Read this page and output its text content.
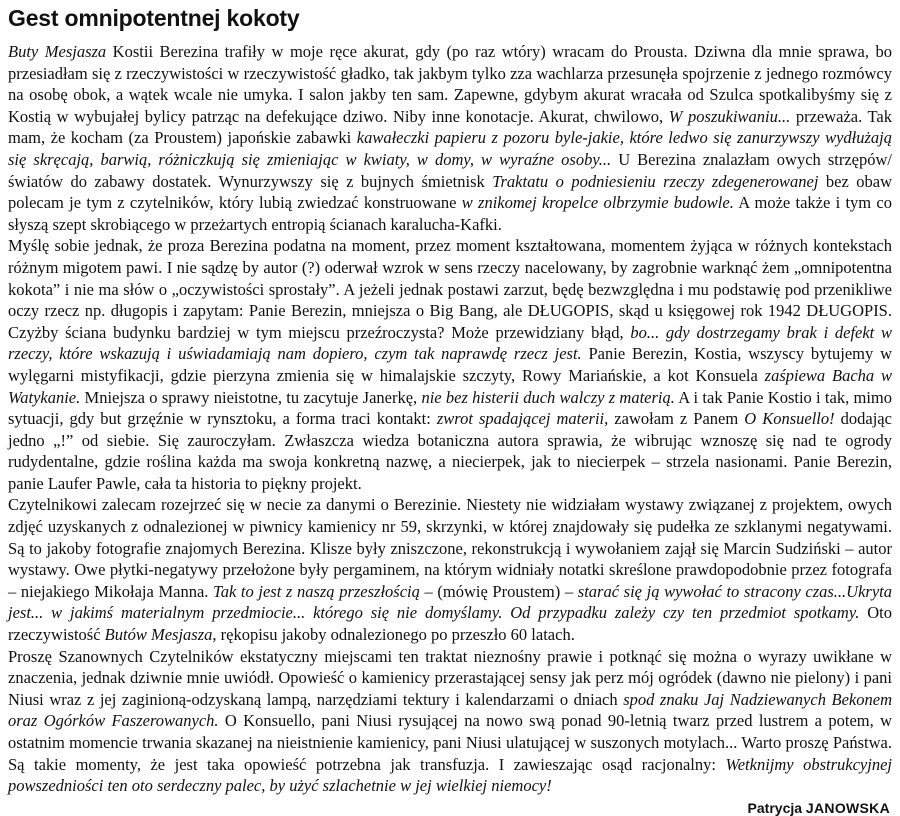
Gest omnipotentnej kokoty

Buty Mesjasza Kostii Berezina trafiły w moje ręce akurat, gdy (po raz wtóry) wracam do Prousta. Dziwna dla mnie sprawa, bo przesiadłam się z rzeczywistości w rzeczywistość gładko, tak jakbym tylko zza wachlarza przesunęła spojrzenie z jednego rozmówcy na osobę obok, a wątek wcale nie umyka. I salon jakby ten sam. Zapewne, gdybym akurat wracała od Szulca spotkalibyśmy się z Kostią w wybujałej bylicy patrząc na defekujące dziwo. Niby inne konotacje. Akurat, chwilowo, W poszukiwaniu... przeważa. Tak mam, że kocham (za Proustem) japońskie zabawki kawałeczki papieru z pozoru byle-jakie, które ledwo się zanurzywszy wydłużają się skręcają, barwią, różniczkują się zmieniając w kwiaty, w domy, w wyraźne osoby... U Berezina znalazłam owych strzępów/światów do zabawy dostatek. Wynurzywszy się z bujnych śmietnisk Traktatu o podniesieniu rzeczy zdegenerowanej bez obaw polecam je tym z czytelników, który lubią zwiedzać konstruowane w znikomej kropelce olbrzymie budowle. A może także i tym co słyszą szept skrobiącego w przeżartych entropią ścianach karalucha-Kafki.

Myślę sobie jednak, że proza Berezina podatna na moment, przez moment kształtowana, momentem żyjąca w różnych kontekstach różnym migotem pawi. I nie sądzę by autor (?) oderwał wzrok w sens rzeczy nacelowany, by zagrobnie warknąć żem „omnipotentna kokota” i nie ma słów o „oczywistości sprostały”. A jeżeli jednak postawi zarzut, będę bezwzględna i mu podstawię pod przenikliwe oczy rzecz np. długopis i zapytam: Panie Berezin, mniejsza o Big Bang, ale DŁUGOPIS, skąd u księgowej rok 1942 DŁUGOPIS. Czyżby ściana budynku bardziej w tym miejscu przeźroczysta? Może przewidziany błąd, bo... gdy dostrzegamy brak i defekt w rzeczy, które wskazują i uświadamiają nam dopiero, czym tak naprawdę rzecz jest. Panie Berezin, Kostia, wszyscy bytujemy w wylęgarni mistyfikacji, gdzie pierzyna zmienia się w himalajskie szczyty, Rowy Mariańskie, a kot Konsuela zaśpiewa Bacha w Watykanie. Mniejsza o sprawy nieistotne, tu zacytuje Janerkę, nie bez histerii duch walczy z materią. A i tak Panie Kostio i tak, mimo sytuacji, gdy but grzęźnie w rynsztoku, a forma traci kontakt: zwrot spadającej materii, zawołam z Panem O Konsuello! dodając jedno „!” od siebie. Się zauroczyłam. Zwłaszcza wiedza botaniczna autora sprawia, że wibrując wznoszę się nad te ogrody rudydentalne, gdzie roślina każda ma swoja konkretną nazwę, a niecierpek, jak to niecierpek – strzela nasionami. Panie Berezin, panie Laufer Pawle, cała ta historia to piękny projekt.

Czytelnikowi zalecam rozejrzeć się w necie za danymi o Berezinie. Niestety nie widziałam wystawy związanej z projektem, owych zdjęć uzyskanych z odnalezionej w piwnicy kamienicy nr 59, skrzynki, w której znajdowały się pudełka ze szklanymi negatywami. Są to jakoby fotografie znajomych Berezina. Klisze były zniszczone, rekonstrukcją i wywołaniem zajął się Marcin Sudziński – autor wystawy. Owe płytki-negatywy przełożone były pergaminem, na którym widniały notatki skreślone prawdopodobnie przez fotografa – niejakiego Mikołaja Manna. Tak to jest z naszą przeszłością – (mówię Proustem) – starać się ją wywołać to stracony czas...Ukryta jest... w jakimś materialnym przedmiocie... którego się nie domyślamy. Od przypadku zależy czy ten przedmiot spotkamy. Oto rzeczywistość Butów Mesjasza, rękopisu jakoby odnalezionego po przeszło 60 latach.

Proszę Szanownych Czytelników ekstatyczny miejscami ten traktat nieznośny prawie i potknąć się można o wyrazy uwikłane w znaczenia, jednak dziwnie mnie uwiódł. Opowieść o kamienicy przerastającej sensy jak perz mój ogródek (dawno nie pielony) i pani Niusi wraz z jej zaginioną-odzyskaną lampą, narzędziami tektury i kalendarzami o dniach spod znaku Jaj Nadziewanych Bekonem oraz Ogórków Faszerowanych. O Konsuello, pani Niusi rysującej na nowo swą ponad 90-letnią twarz przed lustrem a potem, w ostatnim momencie trwania skazanej na nieistnienie kamienicy, pani Niusi ulatującej w suszonych motylach... Warto proszę Państwa. Są takie momenty, że jest taka opowieść potrzebna jak transfuzja. I zawieszając osąd racjonalny: Wetknijmy obstrukcyjnej powszedniości ten oto serdeczny palec, by użyć szlachetnie w jej wielkiej niemocy!

Patrycja JANOWSKA
